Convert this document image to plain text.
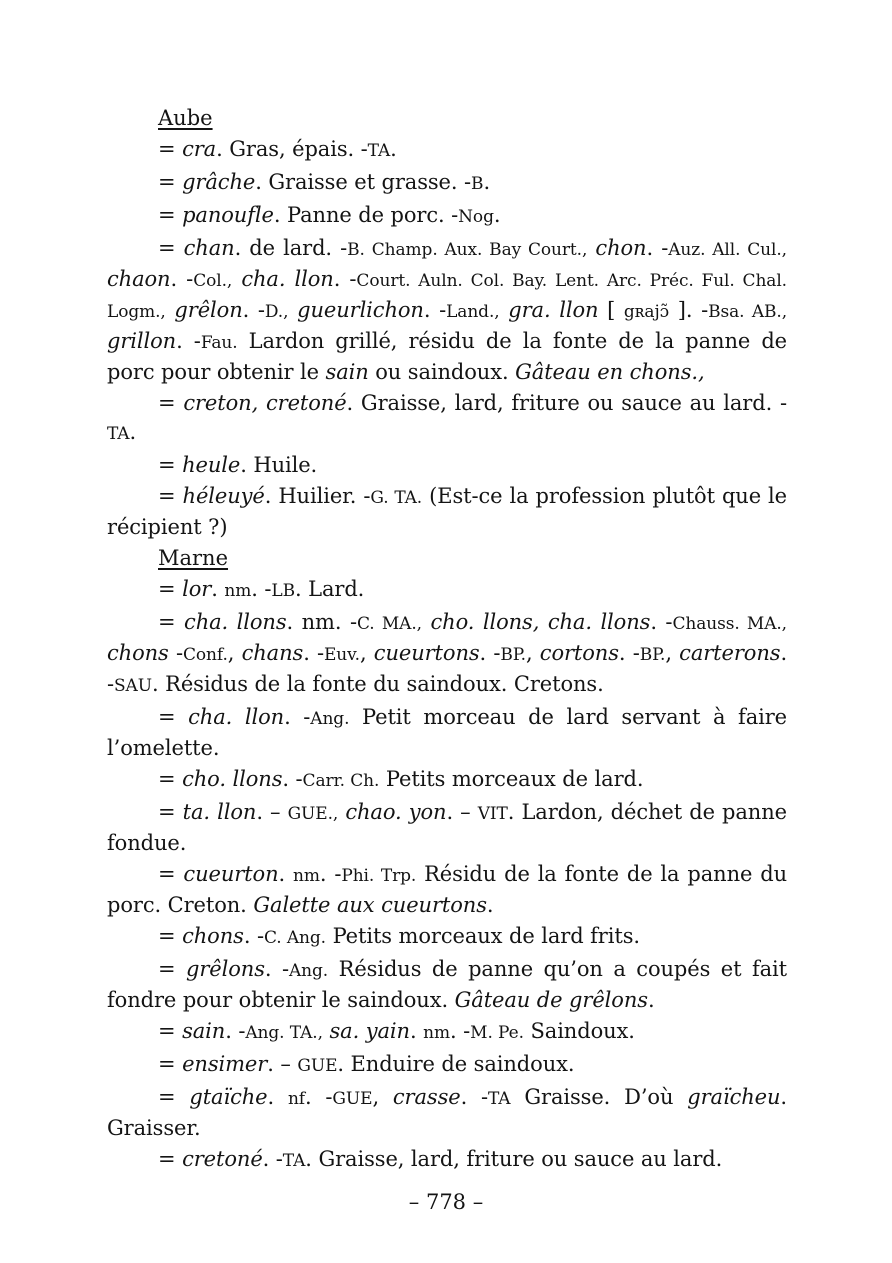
Aube

= cra. Gras, épais. -TA.

= grâche. Graisse et grasse. -B.

= panoufle. Panne de porc. -Nog.

= chan. de lard. -B. Champ. Aux. Bay Court., chon. -Auz. All. Cul., chaon. -Col., cha. llon. -Court. Auln. Col. Bay. Lent. Arc. Préc. Ful. Chal. Logm., grêlon. -D., gueurlichon. -Land., gra. llon [ gʀajɔ̃ ]. -Bsa. AB., grillon. -Fau. Lardon grillé, résidu de la fonte de la panne de porc pour obtenir le sain ou saindoux. Gâteau en chons.,

= creton, cretoné. Graisse, lard, friture ou sauce au lard. -TA.

= heule. Huile.

= héleuyé. Huilier. -G. TA. (Est-ce la profession plutôt que le récipient ?)

Marne

= lor. nm. -LB. Lard.

= cha. llons. nm. -C. MA., cho. llons, cha. llons. -Chauss. MA., chons -Conf., chans. -Euv., cueurtons. -BP., cortons. -BP., carterons. -SAU. Résidus de la fonte du saindoux. Cretons.

= cha. llon. -Ang. Petit morceau de lard servant à faire l’omelette.

= cho. llons. -Carr. Ch. Petits morceaux de lard.

= ta. llon. – GUE., chao. yon. – VIT. Lardon, déchet de panne fondue.

= cueurton. nm. -Phi. Trp. Résidu de la fonte de la panne du porc. Creton. Galette aux cueurtons.

= chons. -C. Ang. Petits morceaux de lard frits.

= grêlons. -Ang. Résidus de panne qu’on a coupés et fait fondre pour obtenir le saindoux. Gâteau de grêlons.

= sain. -Ang. TA., sa. yain. nm. -M. Pe. Saindoux.

= ensimer. – GUE. Enduire de saindoux.

= gtaïche. nf. -GUE, crasse. -TA Graisse. D’où graïcheu. Graisser.

= cretoné. -TA. Graisse, lard, friture ou sauce au lard.

– 778 –
